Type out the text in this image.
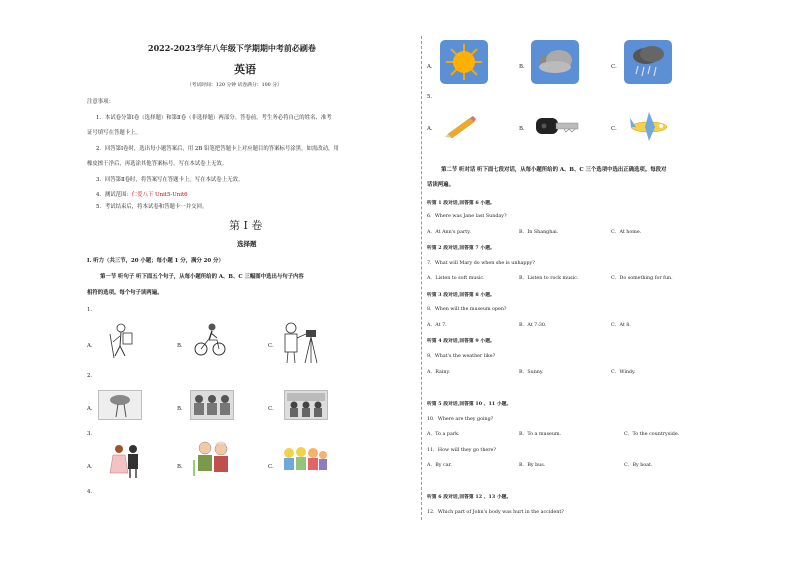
2022-2023学年八年级下学期期中考前必刷卷
英语
（考试时间：120 分钟 试卷满分：100 分）
注意事项：
1．本试卷分第Ⅰ卷（选择题）和第Ⅱ卷（非选择题）两部分。答卷前，考生务必将自己的姓名、准考
证号填写在答题卡上。
2．回答第Ⅰ卷时，选出每小题答案后，用 2B 铅笔把答题卡上对应题目的答案标号涂黑。如需改动，用
橡皮擦干净后，再选涂其他答案标号。写在本试卷上无效。
3．回答第Ⅱ卷时，将答案写在答题卡上。写在本试卷上无效。
4．测试范围：仁爱八下 Unit5-Unit6
5．考试结束后，将本试卷和答题卡一并交回。
第 I 卷
选择题
I. 听力（共三节，20 小题；每小题 1 分，满分 20 分）
第一节 听句子 听下面五个句子，从每小题所给的 A、B、C 三幅图中选出与句子内容
相符的选项。每个句子读两遍。
1．
A．	B．	C．
2．
A．	B．	C．
3．
A．	B．	C．
4．
A．	B．	C．
5．
A．	B．	C．
第二节 听对话 听下面七段对话，从每小题所给的 A、B、C 三个选项中选出正确选项。每段对
话读两遍。
听第 1 段对话,回答第 6 小题。
6．Where was Jane last Sunday?
A．At Ann's party.	B．In Shanghai.	C．At home.
听第 2 段对话,回答第 7 小题。
7．What will Mary do when she is unhappy?
A．Listen to soft music.	B．Listen to rock music.	C．Do something for fun.
听第 3 段对话,回答第 8 小题。
8．When will the museum open?
A．At 7.	B．At 7:30.	C．At 8.
听第 4 段对话,回答第 9 小题。
9．What's the weather like?
A．Rainy.	B．Sunny.	C．Windy.
听第 5 段对话,回答第 10 、11 小题。
10．Where are they going?
A．To a park.	B．To a museum.	C．To the countryside.
11．How will they go there?
A．By car.	B．By bus.	C．By boat.
听第 6 段对话,回答第 12 、13 小题。
12．Which part of John's body was hurt in the accident?
